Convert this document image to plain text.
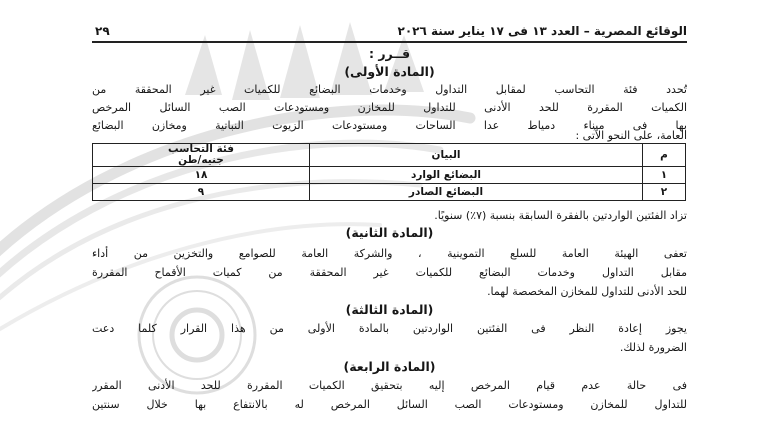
الوقائع المصرية – العدد ١٣ فى ١٧ يناير سنة ٢٠٢٦
٢٩
قــرر :
(المادة الأولى)
تُحدد فئة التحاسب لمقابل التداول وخدمات البضائع للكميات غير المحققة من
الكميات المقررة للحد الأدنى للتداول للمخازن ومستودعات الصب السائل المرخص
بها فى ميناء دمياط عدا الساحات ومستودعات الزيوت النباتية ومخازن البضائع
العامة، على النحو الآتى :
م	البيان	فئة التحاسب
جنيه/طن

١	البضائع الوارد	١٨
٢	البضائع الصادر	٩
تزاد الفئتين الواردتين بالفقرة السابقة بنسبة (٧٪) سنويًا.
(المادة الثانية)
تعفى الهيئة العامة للسلع التموينية ، والشركة العامة للصوامع والتخزين من أداء
مقابل التداول وخدمات البضائع للكميات غير المحققة من كميات الأقماح المقررة
للحد الأدنى للتداول للمخازن المخصصة لهما.
(المادة الثالثة)
يجوز إعادة النظر فى الفئتين الواردتين بالمادة الأولى من هذا القرار كلما دعت
الضرورة لذلك.
(المادة الرابعة)
فى حالة عدم قيام المرخص إليه بتحقيق الكميات المقررة للحد الأدنى المقرر
للتداول للمخازن ومستودعات الصب السائل المرخص له بالانتفاع بها خلال سنتين
